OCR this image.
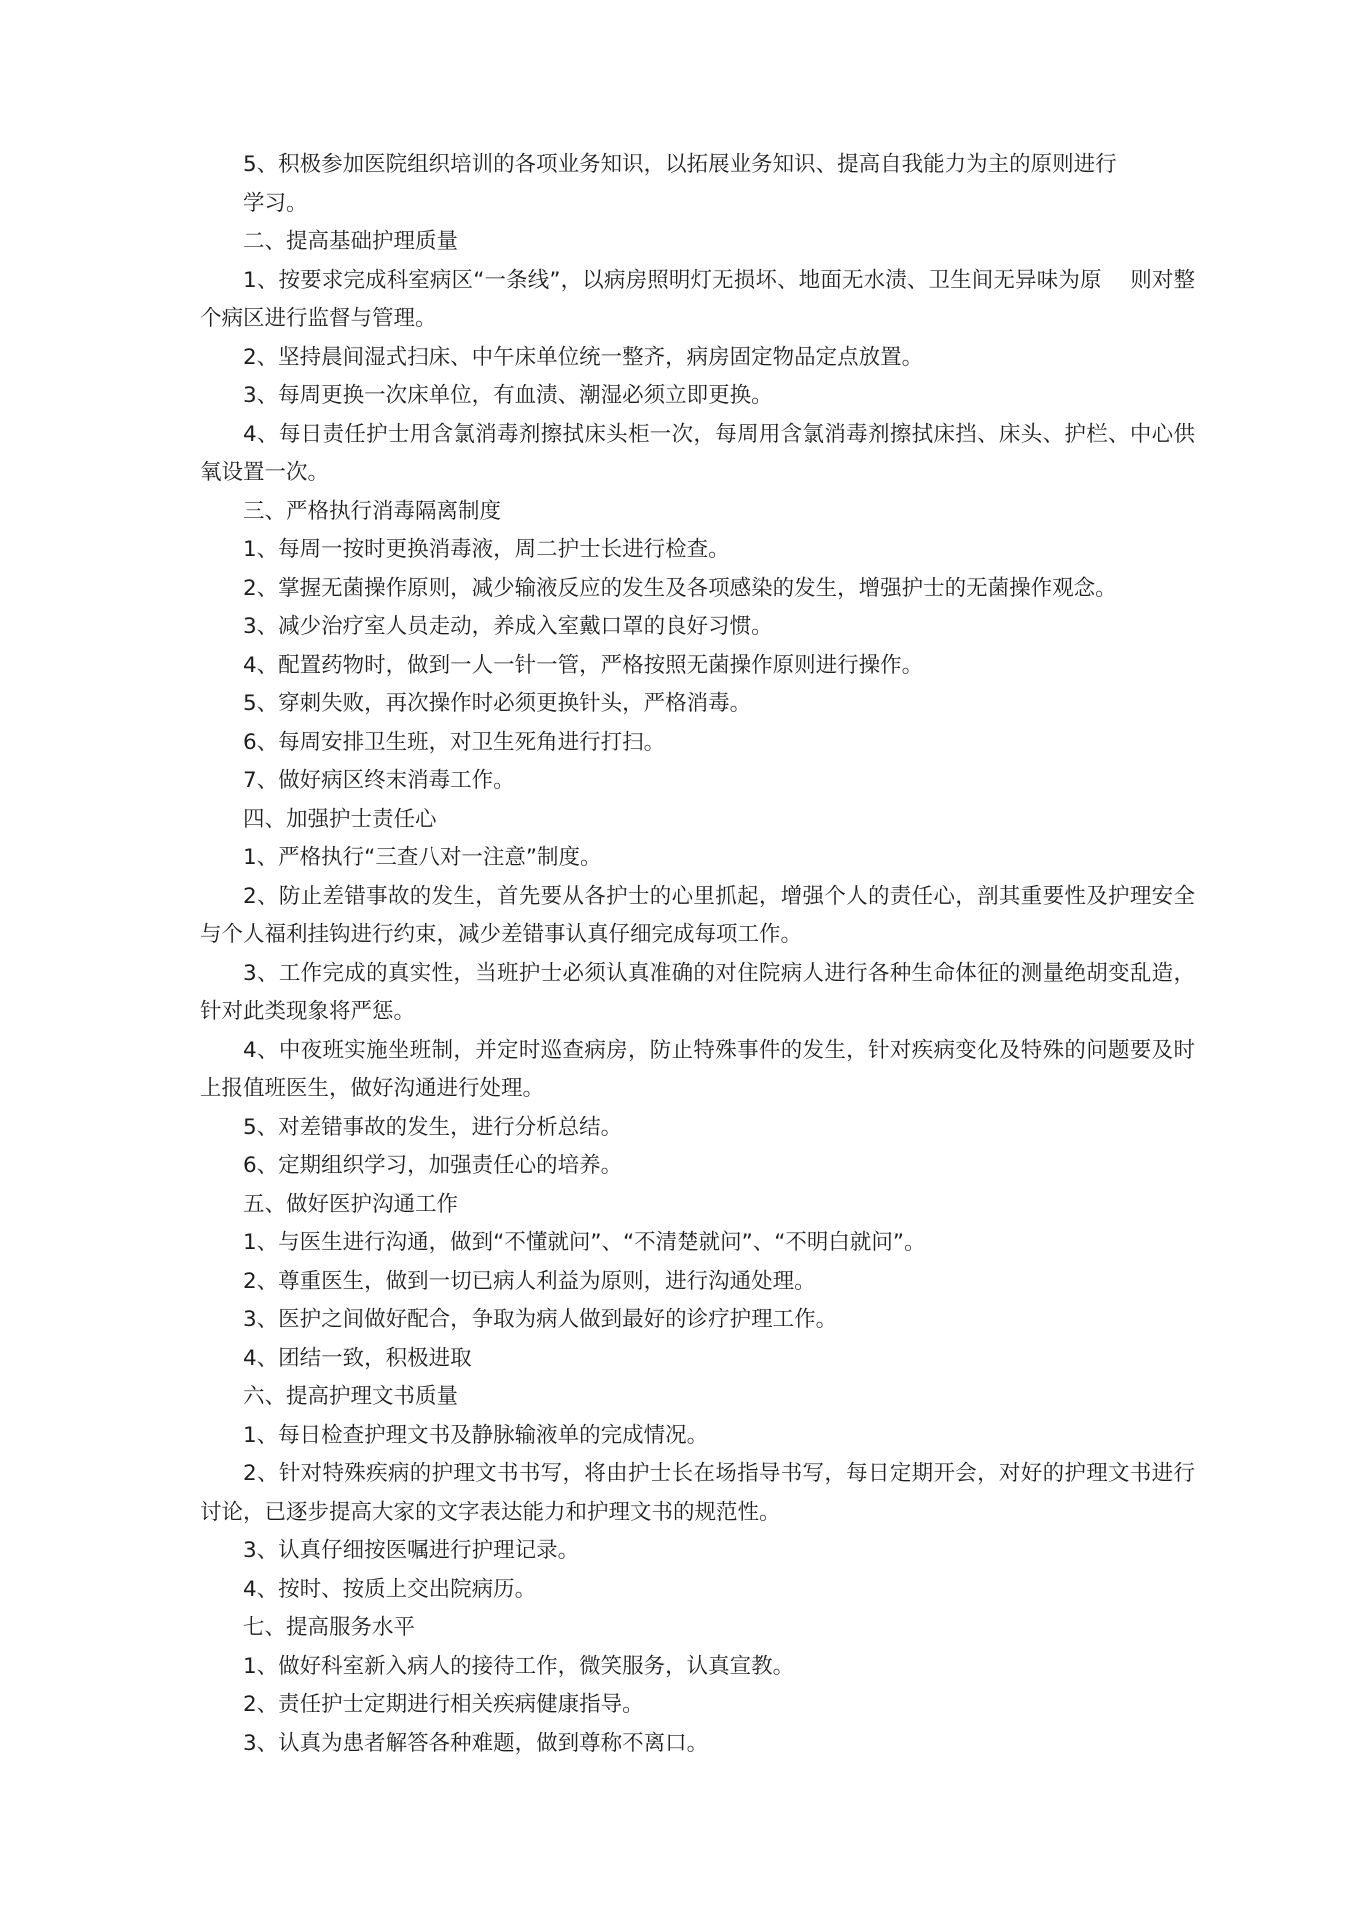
5、积极参加医院组织培训的各项业务知识，以拓展业务知识、提高自我能力为主的原则进行

学习。

二、提高基础护理质量

1、按要求完成科室病区“一条线”，以病房照明灯无损坏、地面无水渍、卫生间无异味为原　 则对整个病区进行监督与管理。

2、坚持晨间湿式扫床、中午床单位统一整齐，病房固定物品定点放置。

3、每周更换一次床单位，有血渍、潮湿必须立即更换。

4、每日责任护士用含氯消毒剂擦拭床头柜一次，每周用含氯消毒剂擦拭床挡、床头、护栏、中心供氧设置一次。

三、严格执行消毒隔离制度

1、每周一按时更换消毒液，周二护士长进行检查。

2、掌握无菌操作原则，减少输液反应的发生及各项感染的发生，增强护士的无菌操作观念。

3、减少治疗室人员走动，养成入室戴口罩的良好习惯。

4、配置药物时，做到一人一针一管，严格按照无菌操作原则进行操作。

5、穿刺失败，再次操作时必须更换针头，严格消毒。

6、每周安排卫生班，对卫生死角进行打扫。

7、做好病区终末消毒工作。

四、加强护士责任心

1、严格执行“三查八对一注意”制度。

2、防止差错事故的发生，首先要从各护士的心里抓起，增强个人的责任心，剖其重要性及护理安全与个人福利挂钩进行约束，减少差错事认真仔细完成每项工作。

3、工作完成的真实性，当班护士必须认真准确的对住院病人进行各种生命体征的测量绝胡变乱造，针对此类现象将严惩。

4、中夜班实施坐班制，并定时巡查病房，防止特殊事件的发生，针对疾病变化及特殊的问题要及时上报值班医生，做好沟通进行处理。

5、对差错事故的发生，进行分析总结。

6、定期组织学习，加强责任心的培养。

五、做好医护沟通工作

1、与医生进行沟通，做到“不懂就问”、“不清楚就问”、“不明白就问”。

2、尊重医生，做到一切已病人利益为原则，进行沟通处理。

3、医护之间做好配合，争取为病人做到最好的诊疗护理工作。

4、团结一致，积极进取

六、提高护理文书质量

1、每日检查护理文书及静脉输液单的完成情况。

2、针对特殊疾病的护理文书书写，将由护士长在场指导书写，每日定期开会，对好的护理文书进行讨论，已逐步提高大家的文字表达能力和护理文书的规范性。

3、认真仔细按医嘱进行护理记录。

4、按时、按质上交出院病历。

七、提高服务水平

1、做好科室新入病人的接待工作，微笑服务，认真宣教。

2、责任护士定期进行相关疾病健康指导。

3、认真为患者解答各种难题，做到尊称不离口。
